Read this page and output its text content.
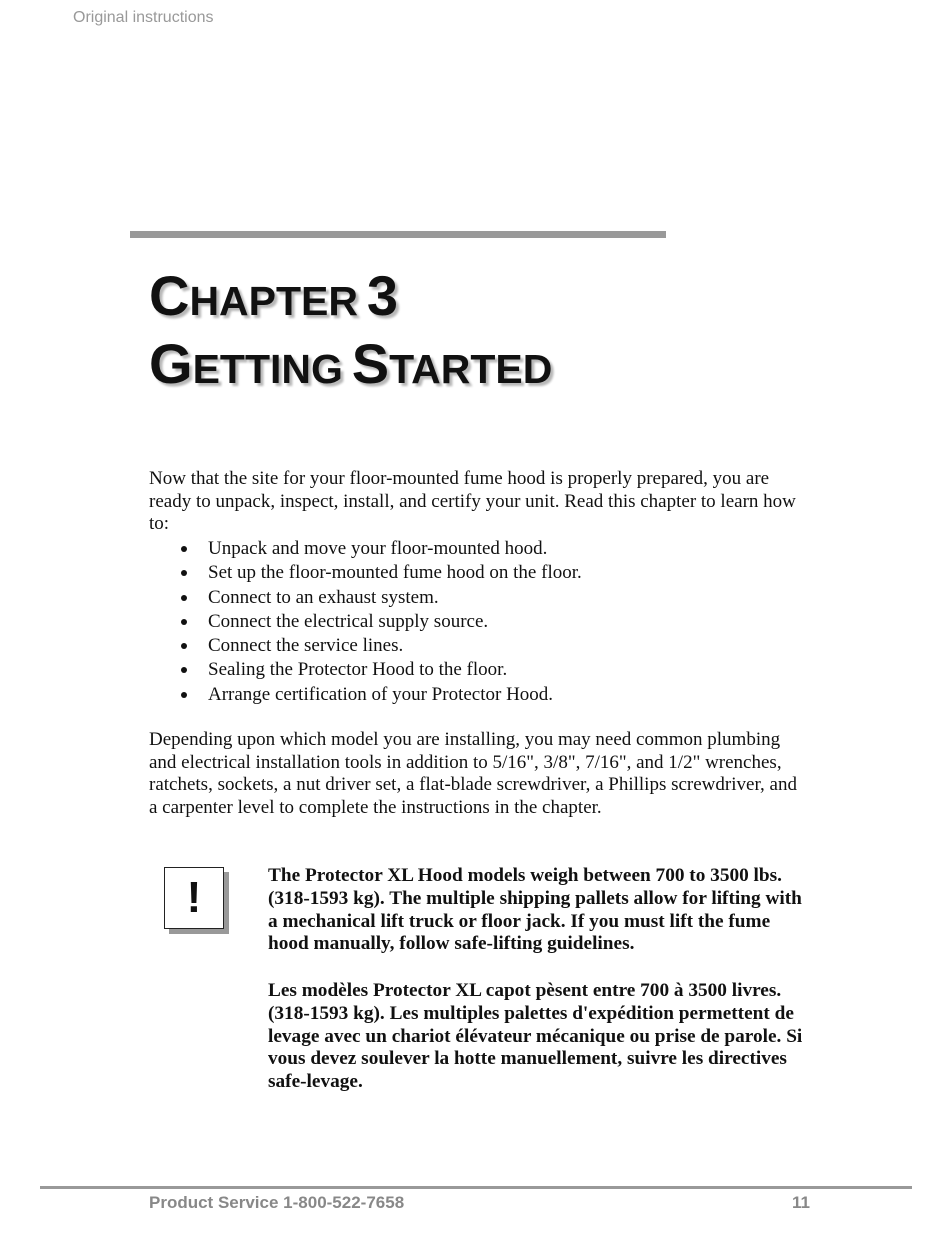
Original instructions
CHAPTER 3
GETTING STARTED

Now that the site for your floor-mounted fume hood is properly prepared, you are ready to unpack, inspect, install, and certify your unit. Read this chapter to learn how to:

Unpack and move your floor-mounted hood.
Set up the floor-mounted fume hood on the floor.
Connect to an exhaust system.
Connect the electrical supply source.
Connect the service lines.
Sealing the Protector Hood to the floor.
Arrange certification of your Protector Hood.

Depending upon which model you are installing, you may need common plumbing and electrical installation tools in addition to 5/16", 3/8", 7/16", and 1/2" wrenches, ratchets, sockets, a nut driver set, a flat-blade screwdriver, a Phillips screwdriver, and a carpenter level to complete the instructions in the chapter.

!	The Protector XL Hood models weigh between 700 to 3500 lbs. (318-1593 kg). The multiple shipping pallets allow for lifting with a mechanical lift truck or floor jack. If you must lift the fume hood manually, follow safe-lifting guidelines.

Les modèles Protector XL capot pèsent entre 700 à 3500 livres. (318-1593 kg). Les multiples palettes d'expédition permettent de levage avec un chariot élévateur mécanique ou prise de parole. Si vous devez soulever la hotte manuellement, suivre les directives safe-levage.

Product Service 1-800-522-7658	11
